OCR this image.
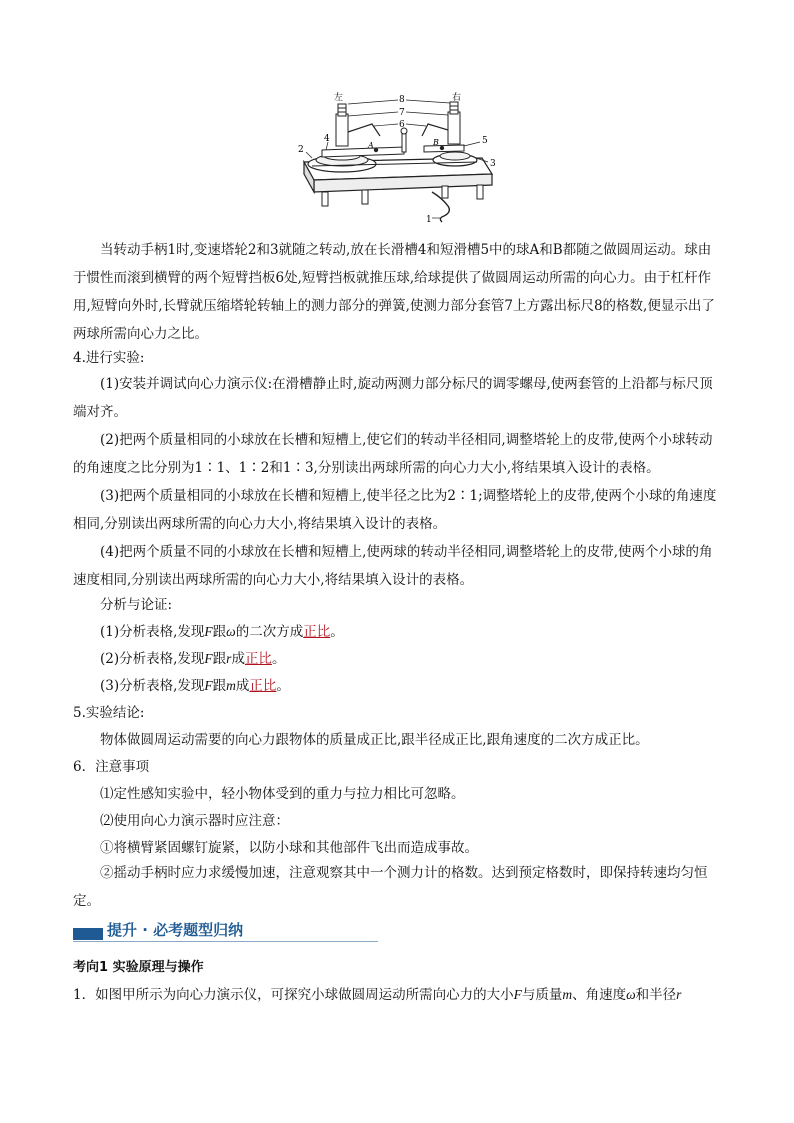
左	右
8
7
6
4	5
2
3
1
A	B

当转动手柄1时,变速塔轮2和3就随之转动,放在长滑槽4和短滑槽5中的球A和B都随之做圆周运动。球由于惯性而滚到横臂的两个短臂挡板6处,短臂挡板就推压球,给球提供了做圆周运动所需的向心力。由于杠杆作用,短臂向外时,长臂就压缩塔轮转轴上的测力部分的弹簧,使测力部分套管7上方露出标尺8的格数,便显示出了两球所需向心力之比。

4.进行实验:

(1)安装并调试向心力演示仪:在滑槽静止时,旋动两测力部分标尺的调零螺母,使两套管的上沿都与标尺顶端对齐。

(2)把两个质量相同的小球放在长槽和短槽上,使它们的转动半径相同,调整塔轮上的皮带,使两个小球转动的角速度之比分别为1∶1、1∶2和1∶3,分别读出两球所需的向心力大小,将结果填入设计的表格。

(3)把两个质量相同的小球放在长槽和短槽上,使半径之比为2∶1;调整塔轮上的皮带,使两个小球的角速度相同,分别读出两球所需的向心力大小,将结果填入设计的表格。

(4)把两个质量不同的小球放在长槽和短槽上,使两球的转动半径相同,调整塔轮上的皮带,使两个小球的角速度相同,分别读出两球所需的向心力大小,将结果填入设计的表格。

分析与论证:
(1)分析表格,发现F跟ω的二次方成正比。
(2)分析表格,发现F跟r成正比。
(3)分析表格,发现F跟m成正比。
5.实验结论:
物体做圆周运动需要的向心力跟物体的质量成正比,跟半径成正比,跟角速度的二次方成正比。
6．注意事项
⑴定性感知实验中，轻小物体受到的重力与拉力相比可忽略。
⑵使用向心力演示器时应注意：
①将横臂紧固螺钉旋紧，以防小球和其他部件飞出而造成事故。

②摇动手柄时应力求缓慢加速，注意观察其中一个测力计的格数。达到预定格数时，即保持转速均匀恒定。

提升 · 必考题型归纳
考向1 实验原理与操作
1．如图甲所示为向心力演示仪，可探究小球做圆周运动所需向心力的大小F与质量m、角速度ω和半径r
